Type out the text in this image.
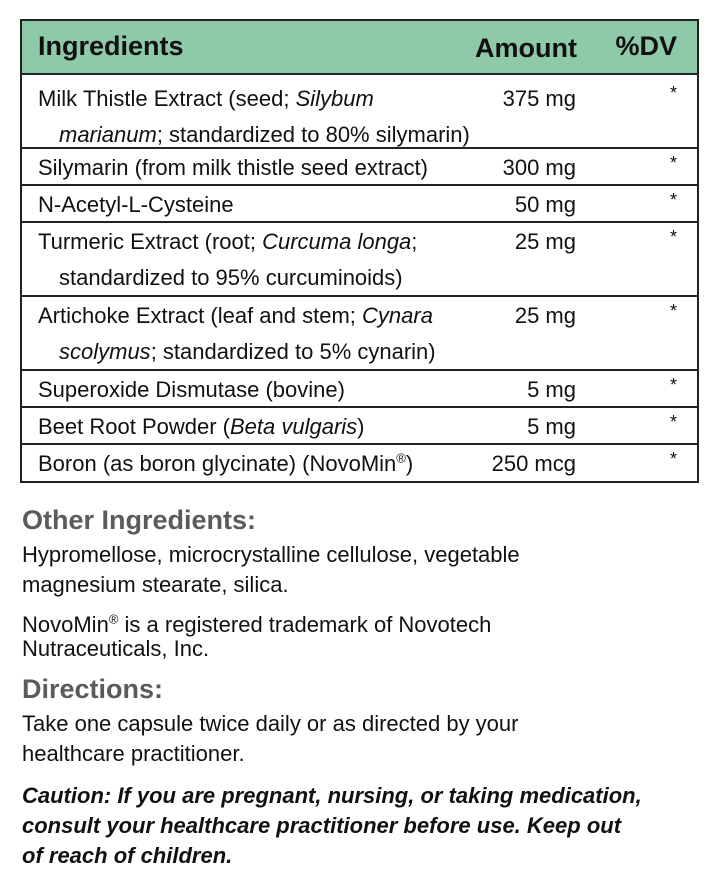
Ingredients	Amount %DV
Milk Thistle Extract (seed; Silybum
marianum; standardized to 80% silymarin)
375 mg	*
Silymarin (from milk thistle seed extract)	300 mg	*
N-Acetyl-L-Cysteine	50 mg	*
Turmeric Extract (root; Curcuma longa;
standardized to 95% curcuminoids)
25 mg	*
Artichoke Extract (leaf and stem; Cynara
scolymus; standardized to 5% cynarin)
25 mg	*
Superoxide Dismutase (bovine)	5 mg	*
Beet Root Powder (Beta vulgaris)	5 mg	*
Boron (as boron glycinate) (NovoMin®)	250 mcg	*
Other Ingredients:
Hypromellose, microcrystalline cellulose, vegetable
magnesium stearate, silica.
NovoMin® is a registered trademark of Novotech
Nutraceuticals, Inc.
Directions:
Take one capsule twice daily or as directed by your
healthcare practitioner.
Caution: If you are pregnant, nursing, or taking medication,
consult your healthcare practitioner before use. Keep out
of reach of children.
